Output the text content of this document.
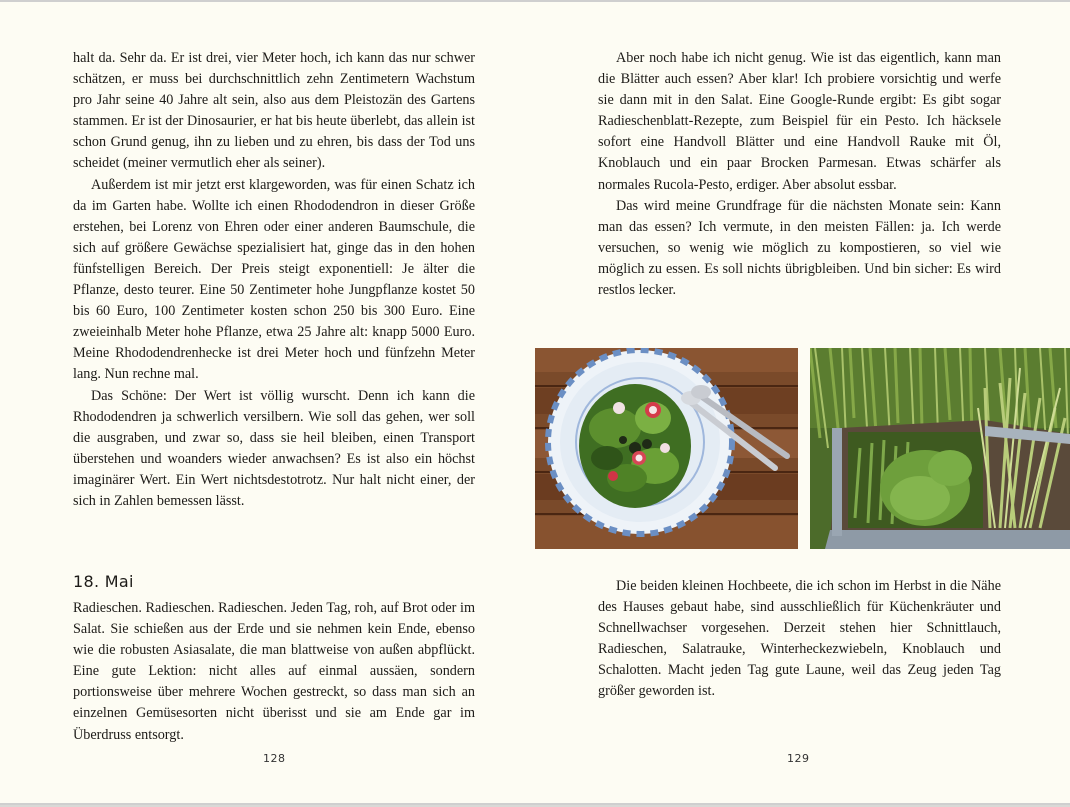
halt da. Sehr da. Er ist drei, vier Meter hoch, ich kann das nur schwer schätzen, er muss bei durchschnittlich zehn Zentimetern Wachstum pro Jahr seine 40 Jahre alt sein, also aus dem Pleistozän des Gartens stammen. Er ist der Dinosaurier, er hat bis heute überlebt, das allein ist schon Grund genug, ihn zu lieben und zu ehren, bis dass der Tod uns scheidet (meiner vermutlich eher als seiner).

Außerdem ist mir jetzt erst klargeworden, was für einen Schatz ich da im Garten habe. Wollte ich einen Rhododendron in dieser Größe erstehen, bei Lorenz von Ehren oder einer anderen Baumschule, die sich auf größere Gewächse spezialisiert hat, ginge das in den hohen fünfstelligen Bereich. Der Preis steigt exponentiell: Je älter die Pflanze, desto teurer. Eine 50 Zentimeter hohe Jungpflanze kostet 50 bis 60 Euro, 100 Zentimeter kosten schon 250 bis 300 Euro. Eine zweieinhalb Meter hohe Pflanze, etwa 25 Jahre alt: knapp 5000 Euro. Meine Rhododendrenhecke ist drei Meter hoch und fünfzehn Meter lang. Nun rechne mal.

Das Schöne: Der Wert ist völlig wurscht. Denn ich kann die Rhododendren ja schwerlich versilbern. Wie soll das gehen, wer soll die ausgraben, und zwar so, dass sie heil bleiben, einen Transport überstehen und woanders wieder anwachsen? Es ist also ein höchst imaginärer Wert. Ein Wert nichtsdestotrotz. Nur halt nicht einer, der sich in Zahlen bemessen lässt.

18. Mai

Radieschen. Radieschen. Radieschen. Jeden Tag, roh, auf Brot oder im Salat. Sie schießen aus der Erde und sie nehmen kein Ende, ebenso wie die robusten Asiasalate, die man blattweise von außen abpflückt. Eine gute Lektion: nicht alles auf einmal aussäen, sondern portionsweise über mehrere Wochen gestreckt, so dass man sich an einzelnen Gemüsesorten nicht überisst und sie am Ende gar im Überdruss entsorgt.

128

Aber noch habe ich nicht genug. Wie ist das eigentlich, kann man die Blätter auch essen? Aber klar! Ich probiere vorsichtig und werfe sie dann mit in den Salat. Eine Google-Runde ergibt: Es gibt sogar Radieschenblatt-Rezepte, zum Beispiel für ein Pesto. Ich häcksele sofort eine Handvoll Blätter und eine Handvoll Rauke mit Öl, Knoblauch und ein paar Brocken Parmesan. Etwas schärfer als normales Rucola-Pesto, erdiger. Aber absolut essbar.

Das wird meine Grundfrage für die nächsten Monate sein: Kann man das essen? Ich vermute, in den meisten Fällen: ja. Ich werde versuchen, so wenig wie möglich zu kompostieren, so viel wie möglich zu essen. Es soll nichts übrigbleiben. Und bin sicher: Es wird restlos lecker.

Die beiden kleinen Hochbeete, die ich schon im Herbst in die Nähe des Hauses gebaut habe, sind ausschließlich für Küchenkräuter und Schnellwachser vorgesehen. Derzeit stehen hier Schnittlauch, Radieschen, Salatrauke, Winterheckezwiebeln, Knoblauch und Schalotten. Macht jeden Tag gute Laune, weil das Zeug jeden Tag größer geworden ist.

129
